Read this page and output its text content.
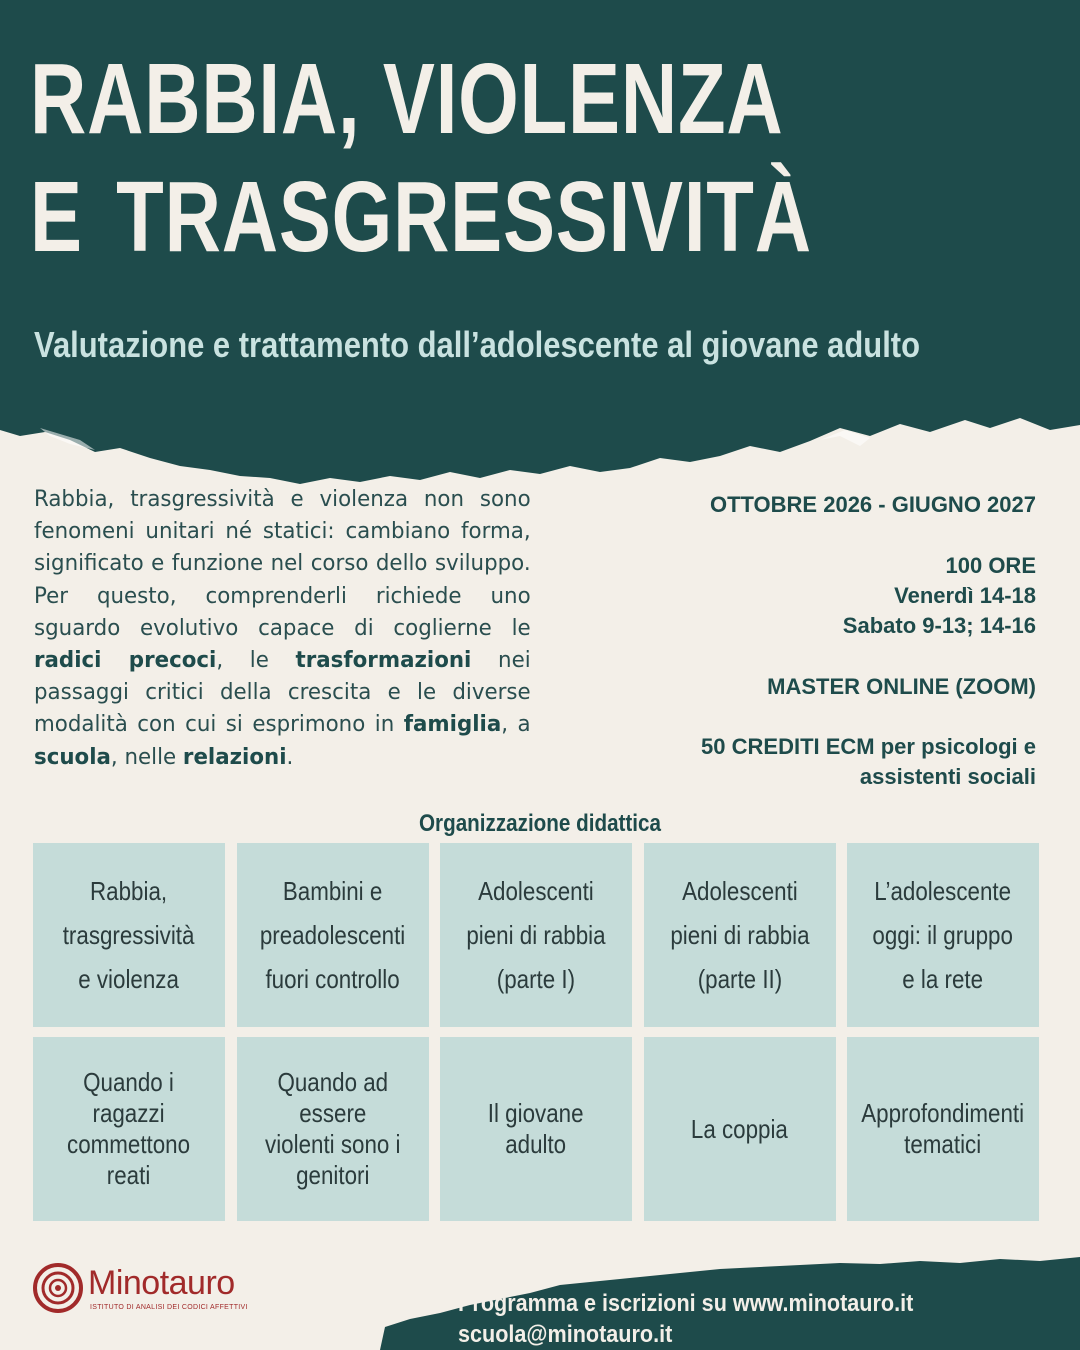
RABBIA, VIOLENZA
E TRASGRESSIVITÀ
Valutazione e trattamento dall’adolescente al giovane adulto

Rabbia, trasgressività e violenza non sono fenomeni unitari né statici: cambiano forma, significato e funzione nel corso dello sviluppo. Per questo, comprenderli richiede uno sguardo evolutivo capace di coglierne le radici precoci, le trasformazioni nei passaggi critici della crescita e le diverse modalità con cui si esprimono in famiglia, a scuola, nelle relazioni.

OTTOBRE 2026 - GIUGNO 2027
100 ORE
Venerdì 14-18
Sabato 9-13; 14-16
MASTER ONLINE (ZOOM)
50 CREDITI ECM per psicologi e
assistenti sociali
Organizzazione didattica
Rabbia,
trasgressività
e violenza
Bambini e
preadolescenti
fuori controllo
Adolescenti
pieni di rabbia
(parte I)
Adolescenti
pieni di rabbia
(parte II)
L’adolescente
oggi: il gruppo
e la rete
Quando i
ragazzi
commettono
reati
Quando ad
essere
violenti sono i
genitori
Il giovane
adulto
La coppia
Approfondimenti
tematici
Minotauro
ISTITUTO DI ANALISI DEI CODICI AFFETTIVI	Programma e iscrizioni su www.minotauro.it
scuola@minotauro.it
